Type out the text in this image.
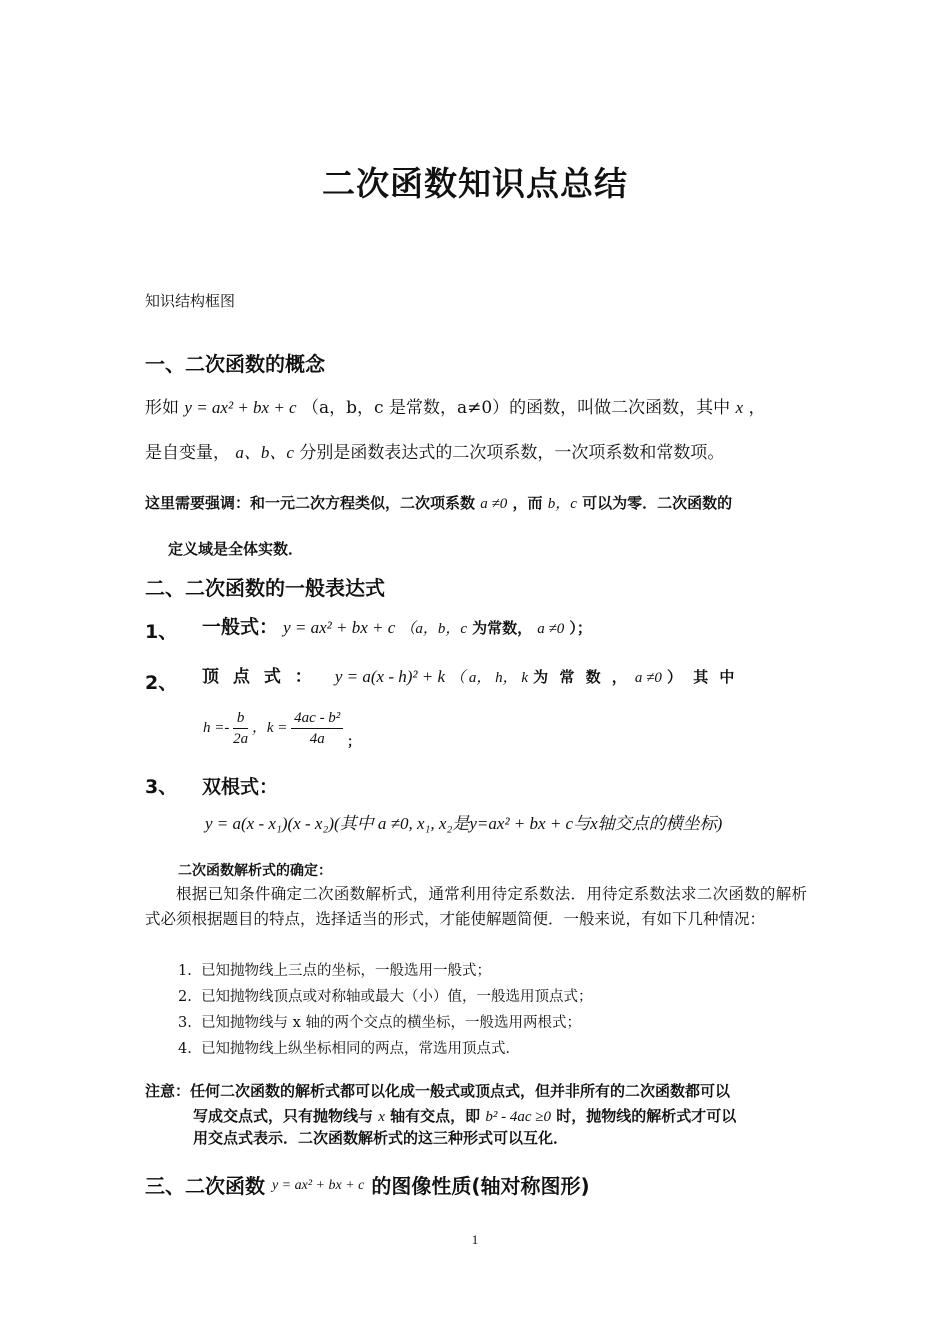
二次函数知识点总结
知识结构框图
一、二次函数的概念
形如 y = ax² + bx + c （a，b，c 是常数，a≠0）的函数，叫做二次函数，其中 x ，
是自变量， a、b、c 分别是函数表达式的二次项系数，一次项系数和常数项。
这里需要强调：和一元二次方程类似，二次项系数 a ≠0 ，而 b，c 可以为零．二次函数的
定义域是全体实数．
二、二次函数的一般表达式
1、 一般式： y = ax² + bx + c （a，b，c 为常数， a ≠0 ）；
2、 顶 点 式 ： y = a(x - h)² + k （ a， h， k 为 常 数 ， a ≠0 ） 其 中
$h =- \frac{b}{2a}$ ，$k = \frac{\text{4ac - b²}}{4a}$ ；
3、 双根式：
y = a(x - x₁)(x - x₂)(其中 a ≠0, x₁, x₂是y=ax² + bx + c与x轴交点的横坐标)
二次函数解析式的确定：
根据已知条件确定二次函数解析式，通常利用待定系数法．用待定系数法求二次函数的解析式必须根据题目的特点，选择适当的形式，才能使解题简便．一般来说，有如下几种情况：
1. 已知抛物线上三点的坐标，一般选用一般式；
2. 已知抛物线顶点或对称轴或最大（小）值，一般选用顶点式；
3. 已知抛物线与 x 轴的两个交点的横坐标，一般选用两根式；
4. 已知抛物线上纵坐标相同的两点，常选用顶点式．
注意：任何二次函数的解析式都可以化成一般式或顶点式，但并非所有的二次函数都可以
写成交点式，只有抛物线与 x 轴有交点，即 b² - 4ac ≥0 时，抛物线的解析式才可以
用交点式表示．二次函数解析式的这三种形式可以互化．
三、二次函数 $^{y = ax^2 + bx + c}$ 的图像性质(轴对称图形)
1
